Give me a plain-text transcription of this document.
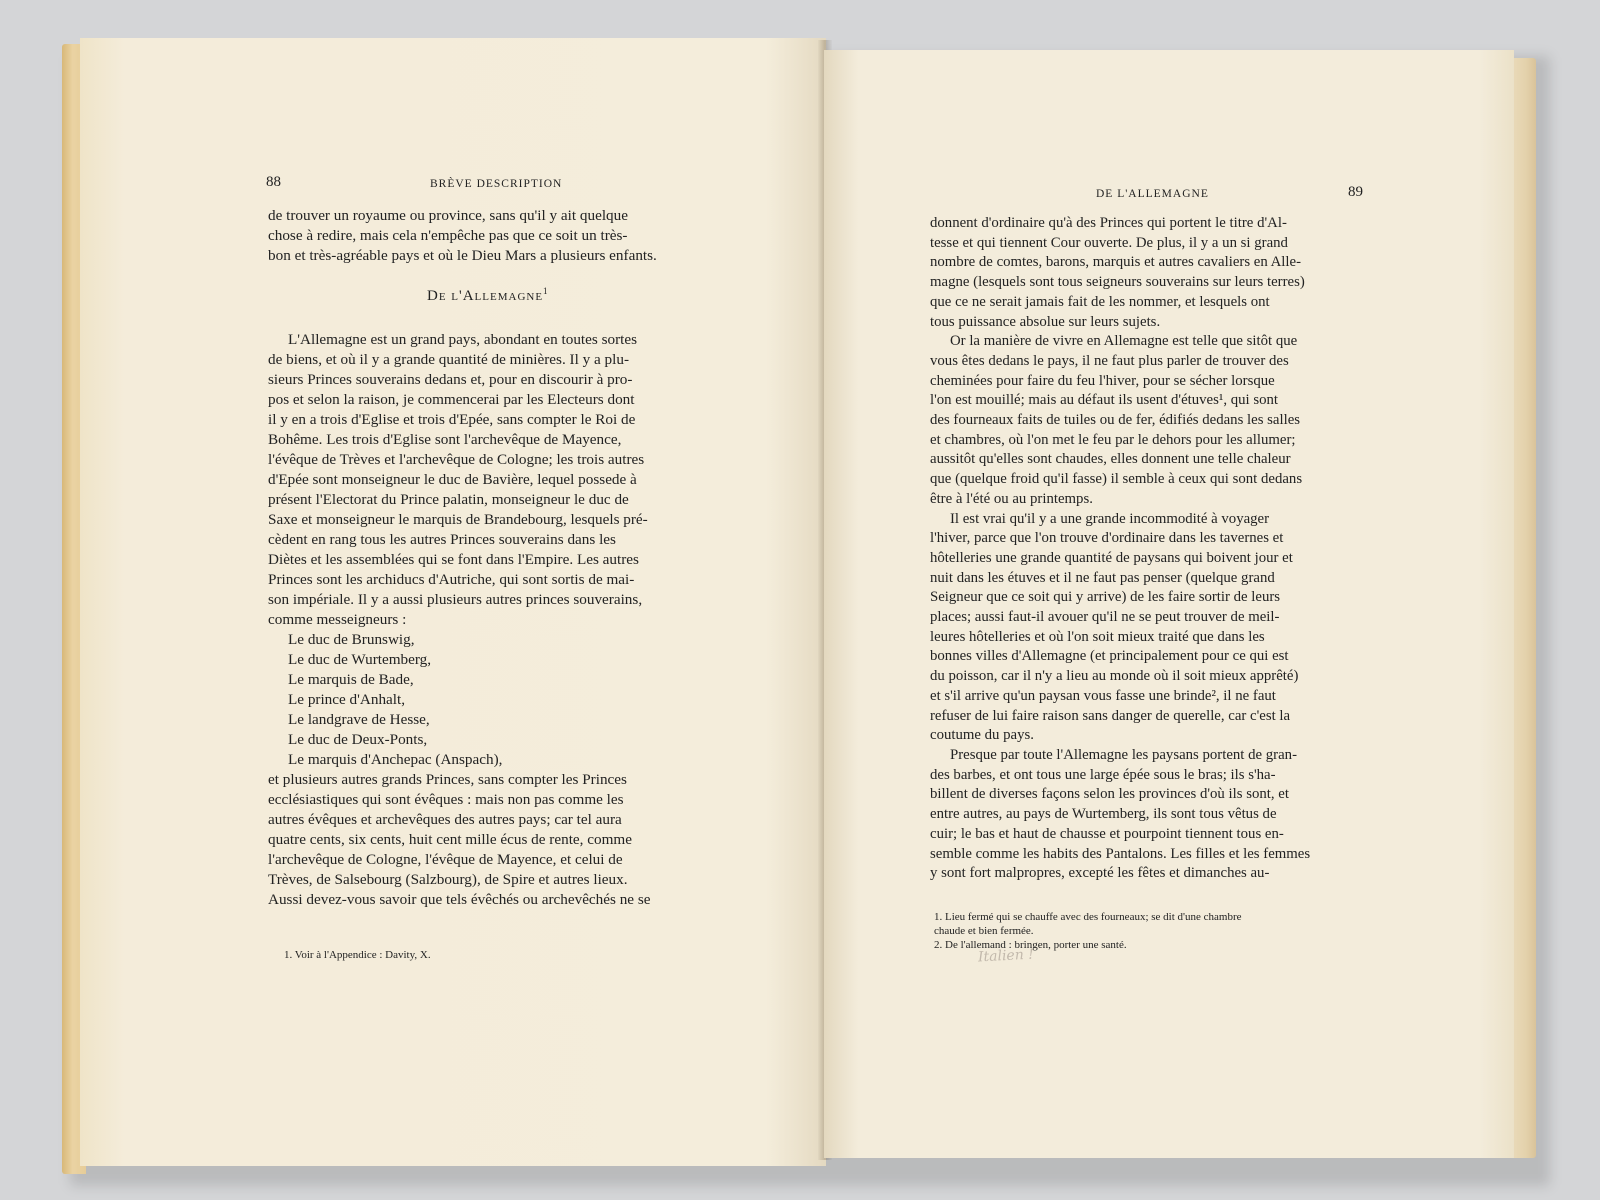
88	BRÈVE DESCRIPTION

de trouver un royaume ou province, sans qu'il y ait quelque

chose à redire, mais cela n'empêche pas que ce soit un très-

bon et très-agréable pays et où le Dieu Mars a plusieurs enfants.

De l'Allemagne$^1$

L'Allemagne est un grand pays, abondant en toutes sortes

de biens, et où il y a grande quantité de minières. Il y a plu-

sieurs Princes souverains dedans et, pour en discourir à pro-

pos et selon la raison, je commencerai par les Electeurs dont

il y en a trois d'Eglise et trois d'Epée, sans compter le Roi de

Bohême. Les trois d'Eglise sont l'archevêque de Mayence,

l'évêque de Trèves et l'archevêque de Cologne; les trois autres

d'Epée sont monseigneur le duc de Bavière, lequel possede à

présent l'Electorat du Prince palatin, monseigneur le duc de

Saxe et monseigneur le marquis de Brandebourg, lesquels pré-

cèdent en rang tous les autres Princes souverains dans les

Diètes et les assemblées qui se font dans l'Empire. Les autres

Princes sont les archiducs d'Autriche, qui sont sortis de mai-

son impériale. Il y a aussi plusieurs autres princes souverains,

comme messeigneurs :

Le duc de Brunswig,
Le duc de Wurtemberg,
Le marquis de Bade,
Le prince d'Anhalt,
Le landgrave de Hesse,
Le duc de Deux-Ponts,
Le marquis d'Anchepac (Anspach),

et plusieurs autres grands Princes, sans compter les Princes

ecclésiastiques qui sont évêques : mais non pas comme les

autres évêques et archevêques des autres pays; car tel aura

quatre cents, six cents, huit cent mille écus de rente, comme

l'archevêque de Cologne, l'évêque de Mayence, et celui de

Trèves, de Salsebourg (Salzbourg), de Spire et autres lieux.

Aussi devez-vous savoir que tels évêchés ou archevêchés ne se

1. Voir à l'Appendice : Davity, X.
DE L'ALLEMAGNE	89

donnent d'ordinaire qu'à des Princes qui portent le titre d'Al-

tesse et qui tiennent Cour ouverte. De plus, il y a un si grand

nombre de comtes, barons, marquis et autres cavaliers en Alle-

magne (lesquels sont tous seigneurs souverains sur leurs terres)

que ce ne serait jamais fait de les nommer, et lesquels ont

tous puissance absolue sur leurs sujets.

Or la manière de vivre en Allemagne est telle que sitôt que

vous êtes dedans le pays, il ne faut plus parler de trouver des

cheminées pour faire du feu l'hiver, pour se sécher lorsque

l'on est mouillé; mais au défaut ils usent d'étuves¹, qui sont

des fourneaux faits de tuiles ou de fer, édifiés dedans les salles

et chambres, où l'on met le feu par le dehors pour les allumer;

aussitôt qu'elles sont chaudes, elles donnent une telle chaleur

que (quelque froid qu'il fasse) il semble à ceux qui sont dedans

être à l'été ou au printemps.

Il est vrai qu'il y a une grande incommodité à voyager

l'hiver, parce que l'on trouve d'ordinaire dans les tavernes et

hôtelleries une grande quantité de paysans qui boivent jour et

nuit dans les étuves et il ne faut pas penser (quelque grand

Seigneur que ce soit qui y arrive) de les faire sortir de leurs

places; aussi faut-il avouer qu'il ne se peut trouver de meil-

leures hôtelleries et où l'on soit mieux traité que dans les

bonnes villes d'Allemagne (et principalement pour ce qui est

du poisson, car il n'y a lieu au monde où il soit mieux apprêté)

et s'il arrive qu'un paysan vous fasse une brinde², il ne faut

refuser de lui faire raison sans danger de querelle, car c'est la

coutume du pays.

Presque par toute l'Allemagne les paysans portent de gran-

des barbes, et ont tous une large épée sous le bras; ils s'ha-

billent de diverses façons selon les provinces d'où ils sont, et

entre autres, au pays de Wurtemberg, ils sont tous vêtus de

cuir; le bas et haut de chausse et pourpoint tiennent tous en-

semble comme les habits des Pantalons. Les filles et les femmes

y sont fort malpropres, excepté les fêtes et dimanches au-

1. Lieu fermé qui se chauffe avec des fourneaux; se dit d'une chambre

chaude et bien fermée.

2. De l'allemand : bringen, porter une santé.

Italien !
